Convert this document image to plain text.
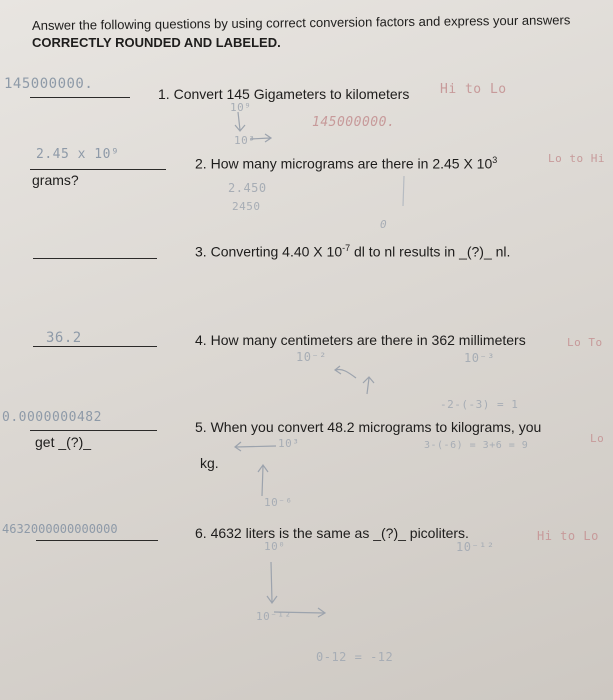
Answer the following questions by using correct conversion factors and express your answers
CORRECTLY ROUNDED AND LABELED.
145000000.
1. Convert 145 Gigameters to kilometers Hi to Lo
10⁹
10³
145000000.
2.45 x 10⁹
2. How many micrograms are there in 2.45 X $10^3$
grams?
Lo to Hi
2.450
2450
3. Converting 4.40 X $10^{-7}$ dl to nl results in _(?)_ nl.
0
36.2	4. How many centimeters are there in 362 millimeters	Lo To
10⁻²	10⁻³
-2-(-3) = 1
0.0000000482
5. When you convert 48.2 micrograms to kilograms, you
get _(?)_
kg.
10³	3-(-6) = 3+6 = 9
10⁻⁶
Lo
4632000000000000	6. 4632 liters is the same as _(?)_ picoliters.	Hi to Lo
10⁰	10⁻¹²
10⁻¹²
0-12 = -12
